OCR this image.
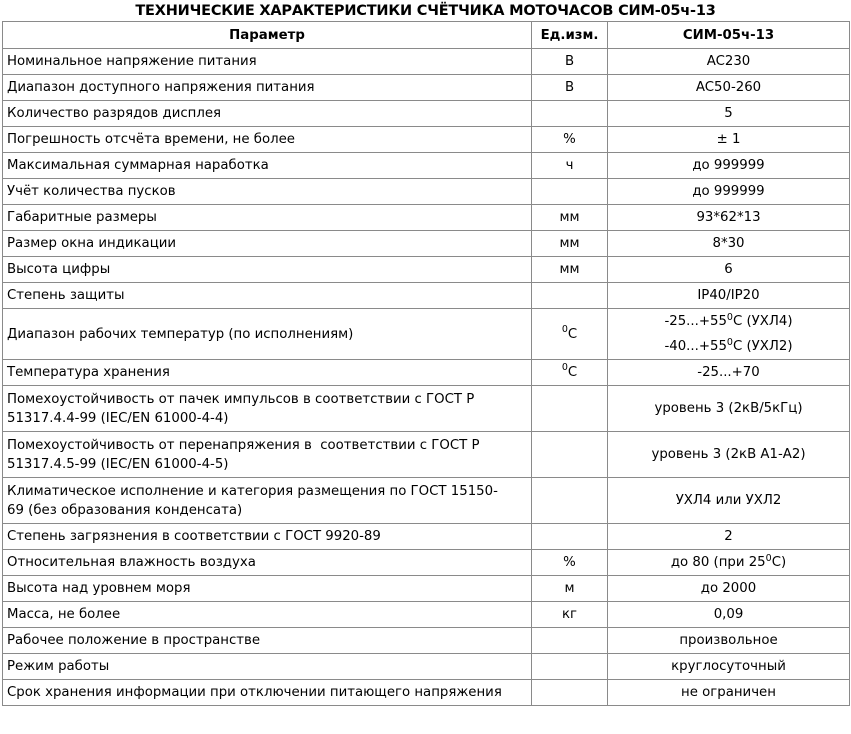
ТЕХНИЧЕСКИЕ ХАРАКТЕРИСТИКИ СЧЁТЧИКА МОТОЧАСОВ СИМ-05ч-13
Параметр	Ед.изм.	СИМ-05ч-13
Номинальное напряжение питания	В	AC230
Диапазон доступного напряжения питания	В	AC50-260
Количество разрядов дисплея		5
Погрешность отсчёта времени, не более	%	± 1
Максимальная суммарная наработка	ч	до 999999
Учёт количества пусков		до 999999
Габаритные размеры	мм	93*62*13
Размер окна индикации	мм	8*30
Высота цифры	мм	6
Степень защиты		IP40/IP20
Диапазон рабочих температур (по исполнениям)	$^0$C	$-25...+55^0C$ (УХЛ4)
$-40...+55^0C$ (УХЛ2)

Температура хранения	$^0$C	-25...+70
Помехоустойчивость от пачек импульсов в соответствии с ГОСТ Р
51317.4.4-99 (IEC/EN 61000-4-4)		уровень 3 (2кВ/5кГц)
Помехоустойчивость от перенапряжения в  соответствии с ГОСТ Р
51317.4.5-99 (IEC/EN 61000-4-5)		уровень 3 (2кВ А1-А2)
Климатическое исполнение и категория размещения по ГОСТ 15150-
69 (без образования конденсата)		УХЛ4 или УХЛ2
Степень загрязнения в соответствии с ГОСТ 9920-89		2
Относительная влажность воздуха	%	до 80 (при $25^0C$)
Высота над уровнем моря	м	до 2000
Масса, не более	кг	0,09
Рабочее положение в пространстве		произвольное
Режим работы		круглосуточный
Срок хранения информации при отключении питающего напряжения		не ограничен
